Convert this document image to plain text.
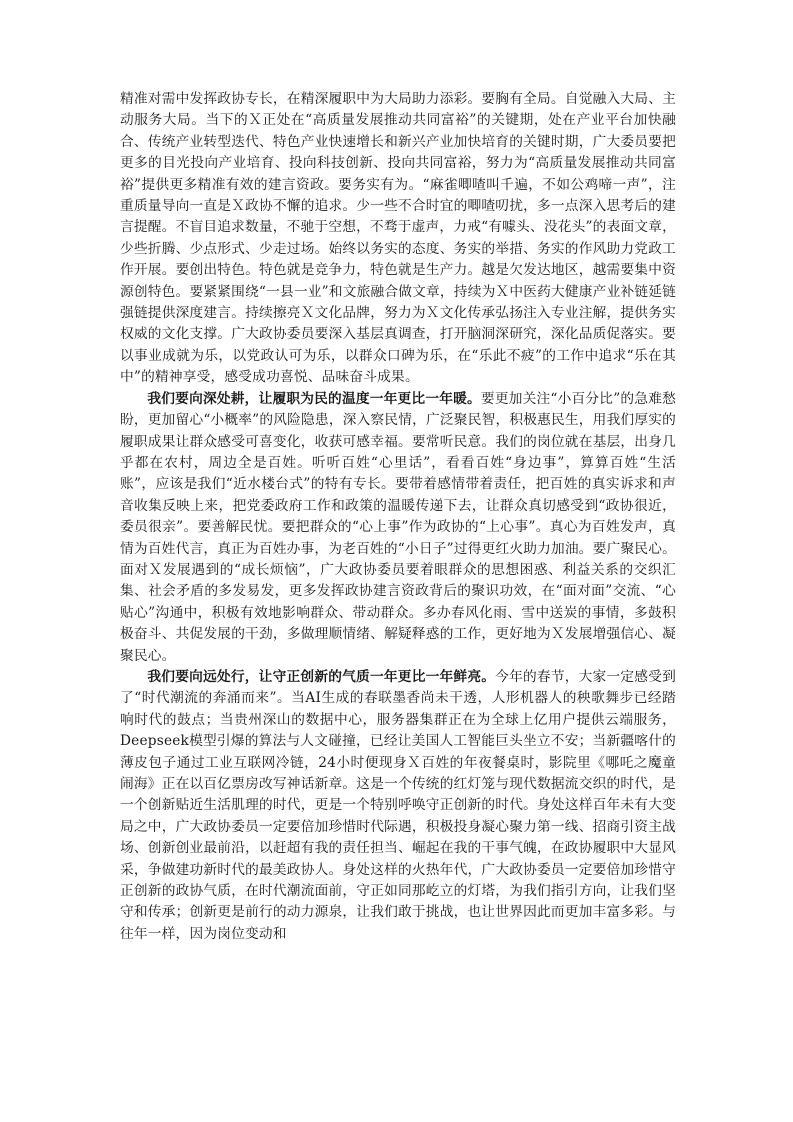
精准对需中发挥政协专长，在精深履职中为大局助力添彩。要胸有全局。自觉融入大局、主动服务大局。当下的Ｘ正处在“高质量发展推动共同富裕”的关键期，处在产业平台加快融合、传统产业转型迭代、特色产业快速增长和新兴产业加快培育的关键时期，广大委员要把更多的目光投向产业培育、投向科技创新、投向共同富裕，努力为“高质量发展推动共同富裕”提供更多精准有效的建言资政。要务实有为。“麻雀唧喳叫千遍，不如公鸡啼一声”，注重质量导向一直是Ｘ政协不懈的追求。少一些不合时宜的唧喳叨扰，多一点深入思考后的建言提醒。不盲目追求数量，不驰于空想，不骛于虚声，力戒“有噱头、没花头”的表面文章，少些折腾、少点形式、少走过场。始终以务实的态度、务实的举措、务实的作风助力党政工作开展。要创出特色。特色就是竞争力，特色就是生产力。越是欠发达地区，越需要集中资源创特色。要紧紧围绕“一县一业”和文旅融合做文章，持续为Ｘ中医药大健康产业补链延链强链提供深度建言。持续擦亮Ｘ文化品牌，努力为Ｘ文化传承弘扬注入专业注解，提供务实权威的文化支撑。广大政协委员要深入基层真调查，打开脑洞深研究，深化品质促落实。要以事业成就为乐，以党政认可为乐，以群众口碑为乐，在“乐此不疲”的工作中追求“乐在其中”的精神享受，感受成功喜悦、品味奋斗成果。

我们要向深处耕，让履职为民的温度一年更比一年暖。要更加关注“小百分比”的急难愁盼，更加留心“小概率”的风险隐患，深入察民情，广泛聚民智，积极惠民生，用我们厚实的履职成果让群众感受可喜变化，收获可感幸福。要常听民意。我们的岗位就在基层，出身几乎都在农村，周边全是百姓。听听百姓“心里话”，看看百姓“身边事”，算算百姓“生活账”，应该是我们“近水楼台式”的特有专长。要带着感情带着责任，把百姓的真实诉求和声音收集反映上来，把党委政府工作和政策的温暖传递下去，让群众真切感受到“政协很近，委员很亲”。要善解民忧。要把群众的“心上事”作为政协的“上心事”。真心为百姓发声，真情为百姓代言，真正为百姓办事，为老百姓的“小日子”过得更红火助力加油。要广聚民心。面对Ｘ发展遇到的“成长烦恼”，广大政协委员要着眼群众的思想困惑、利益关系的交织汇集、社会矛盾的多发易发，更多发挥政协建言资政背后的聚识功效，在“面对面”交流、“心贴心”沟通中，积极有效地影响群众、带动群众。多办春风化雨、雪中送炭的事情，多鼓积极奋斗、共促发展的干劲，多做理顺情绪、解疑释惑的工作，更好地为Ｘ发展增强信心、凝聚民心。

我们要向远处行，让守正创新的气质一年更比一年鲜亮。今年的春节，大家一定感受到了“时代潮流的奔涌而来”。当AI生成的春联墨香尚未干透，人形机器人的秧歌舞步已经踏响时代的鼓点；当贵州深山的数据中心，服务器集群正在为全球上亿用户提供云端服务，Deepseek模型引爆的算法与人文碰撞，已经让美国人工智能巨头坐立不安；当新疆喀什的薄皮包子通过工业互联网冷链，24小时便现身Ｘ百姓的年夜餐桌时，影院里《哪吒之魔童闹海》正在以百亿票房改写神话新章。这是一个传统的红灯笼与现代数据流交织的时代，是一个创新贴近生活肌理的时代，更是一个特别呼唤守正创新的时代。身处这样百年未有大变局之中，广大政协委员一定要倍加珍惜时代际遇，积极投身凝心聚力第一线、招商引资主战场、创新创业最前沿，以赶超有我的责任担当、崛起在我的干事气魄，在政协履职中大显风采，争做建功新时代的最美政协人。身处这样的火热年代，广大政协委员一定要倍加珍惜守正创新的政协气质，在时代潮流面前，守正如同那屹立的灯塔，为我们指引方向，让我们坚守和传承；创新更是前行的动力源泉，让我们敢于挑战，也让世界因此而更加丰富多彩。与往年一样，因为岗位变动和
